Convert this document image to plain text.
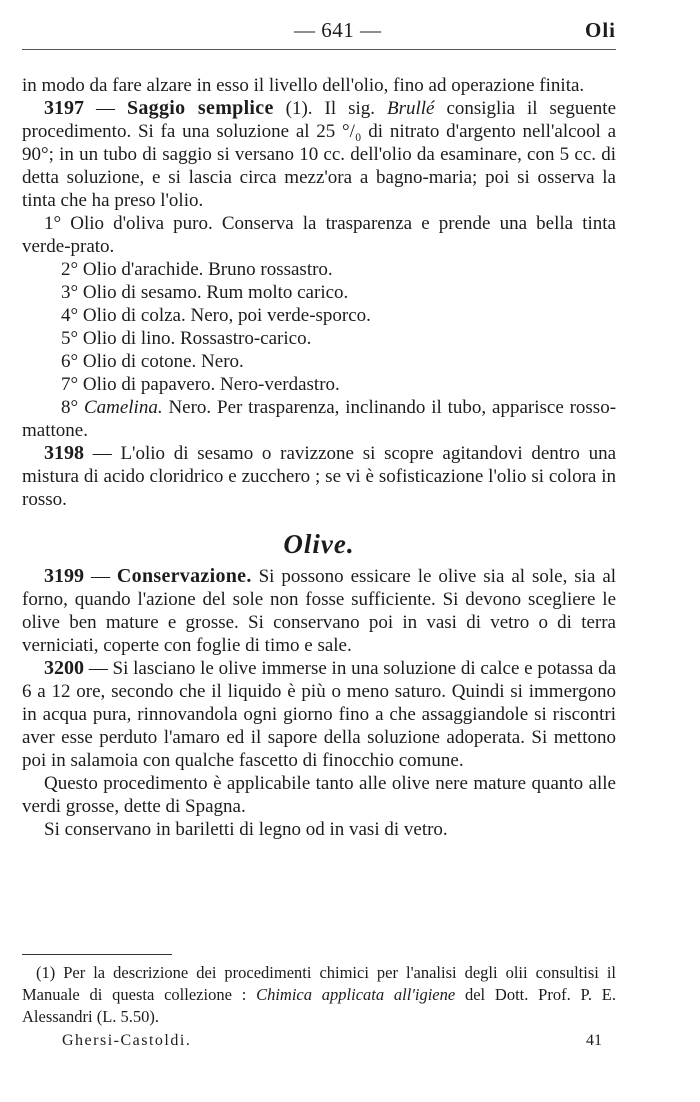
— 641 —	Oli

in modo da fare alzare in esso il livello dell'olio, fino ad operazione finita.

3197 — Saggio semplice (1). Il sig. Brullé consiglia il seguente procedimento. Si fa una soluzione al 25 °/₀ di nitrato d'argento nell'alcool a 90°; in un tubo di saggio si versano 10 cc. dell'olio da esaminare, con 5 cc. di detta soluzione, e si lascia circa mezz'ora a bagno-maria; poi si osserva la tinta che ha preso l'olio.

1° Olio d'oliva puro. Conserva la trasparenza e prende una bella tinta verde-prato.

2° Olio d'arachide. Bruno rossastro.

3° Olio di sesamo. Rum molto carico.

4° Olio di colza. Nero, poi verde-sporco.

5° Olio di lino. Rossastro-carico.

6° Olio di cotone. Nero.

7° Olio di papavero. Nero-verdastro.

8° Camelina. Nero. Per trasparenza, inclinando il tubo, apparisce rosso-mattone.

3198 — L'olio di sesamo o ravizzone si scopre agitandovi dentro una mistura di acido cloridrico e zucchero ; se vi è sofisticazione l'olio si colora in rosso.

Olive.

3199 — Conservazione. Si possono essicare le olive sia al sole, sia al forno, quando l'azione del sole non fosse sufficiente. Si devono scegliere le olive ben mature e grosse. Si conservano poi in vasi di vetro o di terra verniciati, coperte con foglie di timo e sale.

3200 — Si lasciano le olive immerse in una soluzione di calce e potassa da 6 a 12 ore, secondo che il liquido è più o meno saturo. Quindi si immergono in acqua pura, rinnovandola ogni giorno fino a che assaggiandole si riscontri aver esse perduto l'amaro ed il sapore della soluzione adoperata. Si mettono poi in salamoia con qualche fascetto di finocchio comune.

Questo procedimento è applicabile tanto alle olive nere mature quanto alle verdi grosse, dette di Spagna.

Si conservano in bariletti di legno od in vasi di vetro.

(1) Per la descrizione dei procedimenti chimici per l'analisi degli olii consultisi il Manuale di questa collezione : Chimica applicata all'igiene del Dott. Prof. P. E. Alessandri (L. 5.50).

Ghersi-Castoldi.	41
